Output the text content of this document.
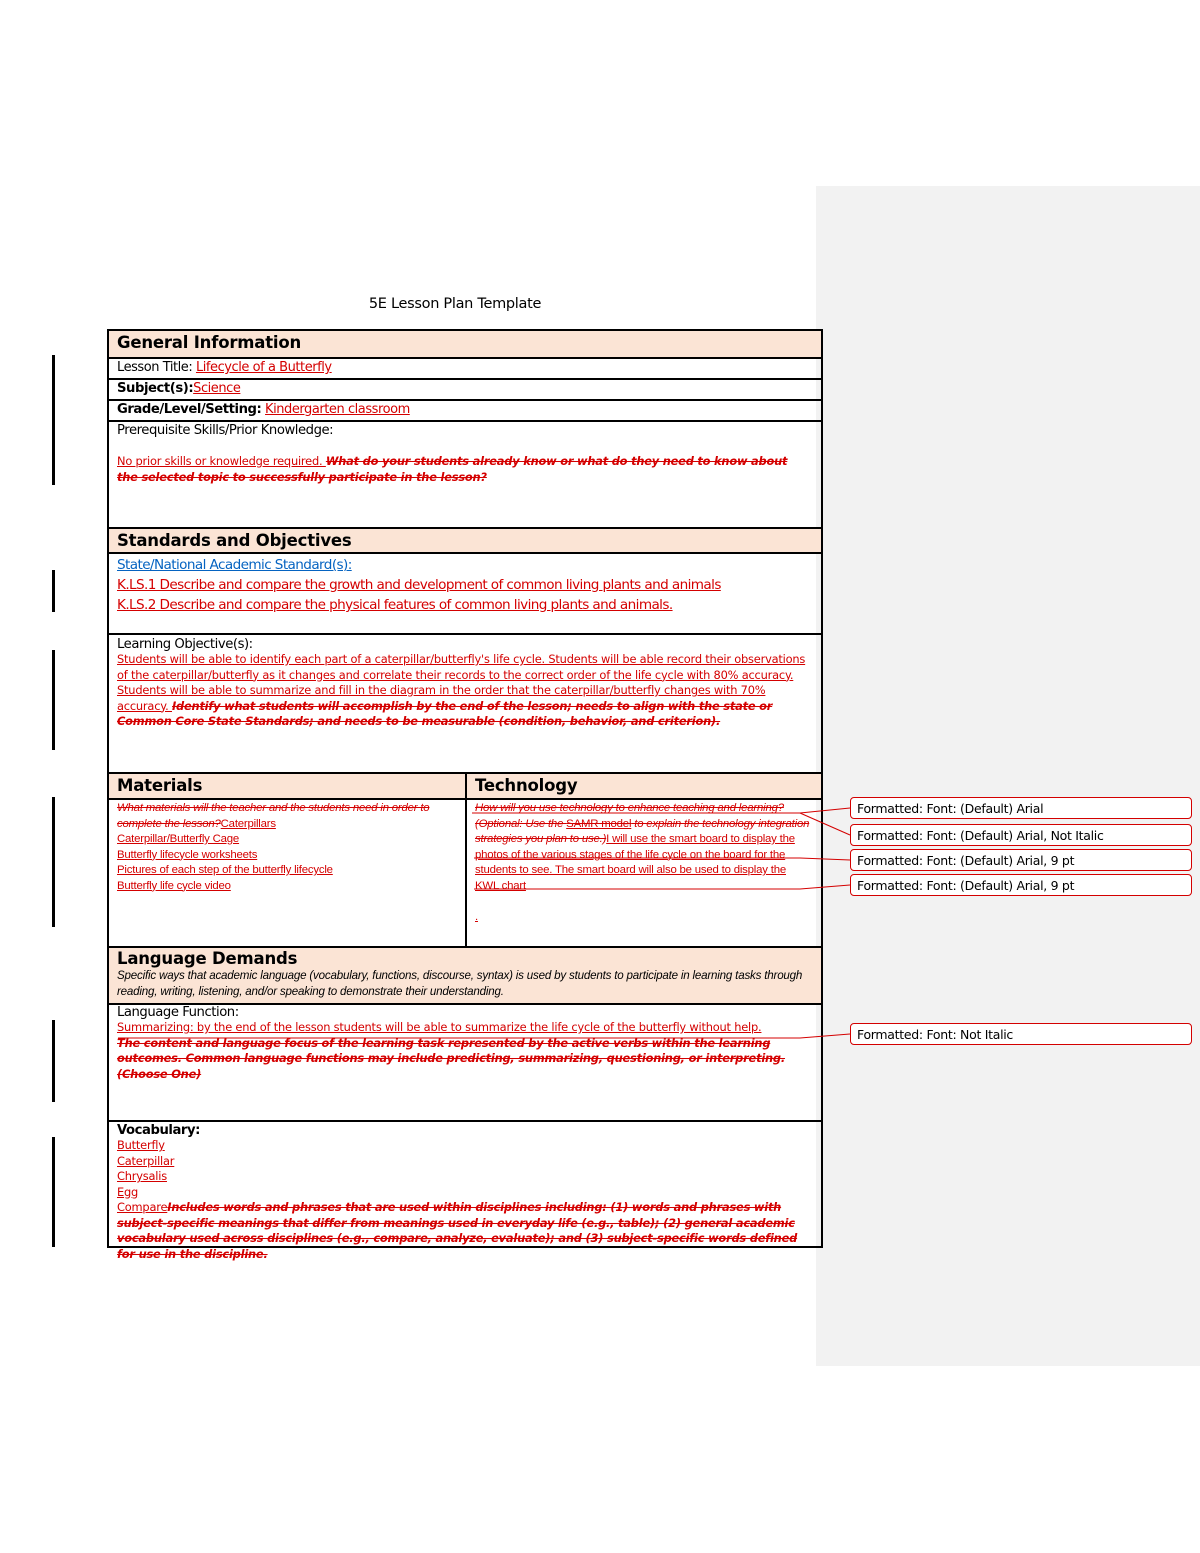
5E Lesson Plan Template
General Information
Lesson Title: Lifecycle of a Butterfly
Subject(s):Science
Grade/Level/Setting: Kindergarten classroom
Prerequisite Skills/Prior Knowledge:
No prior skills or knowledge required. What do your students already know or what do they need to know about the selected topic to successfully participate in the lesson?
Standards and Objectives
State/National Academic Standard(s):
K.LS.1 Describe and compare the growth and development of common living plants and animals
K.LS.2 Describe and compare the physical features of common living plants and animals.
Learning Objective(s):
Students will be able to identify each part of a caterpillar/butterfly's life cycle. Students will be able record their observations of the caterpillar/butterfly as it changes and correlate their records to the correct order of the life cycle with 80% accuracy. Students will be able to summarize and fill in the diagram in the order that the caterpillar/butterfly changes with 70% accuracy. Identify what students will accomplish by the end of the lesson; needs to align with the state or Common Core State Standards; and needs to be measurable (condition, behavior, and criterion).
Materials	Technology
What materials will the teacher and the students need in order to complete the lesson?Caterpillars
Caterpillar/Butterfly Cage
Butterfly lifecycle worksheets
Pictures of each step of the butterfly lifecycle
Butterfly life cycle video
How will you use technology to enhance teaching and learning? (Optional: Use the SAMR model to explain the technology integration strategies you plan to use.)I will use the smart board to display the photos of the various stages of the life cycle on the board for the students to see. The smart board will also be used to display the KWL chart

.
Language Demands
Specific ways that academic language (vocabulary, functions, discourse, syntax) is used by students to participate in learning tasks through reading, writing, listening, and/or speaking to demonstrate their understanding.
Language Function:
Summarizing: by the end of the lesson students will be able to summarize the life cycle of the butterfly without help.
The content and language focus of the learning task represented by the active verbs within the learning outcomes. Common language functions may include predicting, summarizing, questioning, or interpreting. (Choose One)
Vocabulary:
Butterfly
Caterpillar
Chrysalis
Egg
CompareIncludes words and phrases that are used within disciplines including: (1) words and phrases with subject-specific meanings that differ from meanings used in everyday life (e.g., table); (2) general academic vocabulary used across disciplines (e.g., compare, analyze, evaluate); and (3) subject-specific words defined for use in the discipline.
Formatted: Font: (Default) Arial
Formatted: Font: (Default) Arial, Not Italic
Formatted: Font: (Default) Arial, 9 pt
Formatted: Font: (Default) Arial, 9 pt
Formatted: Font: Not Italic
